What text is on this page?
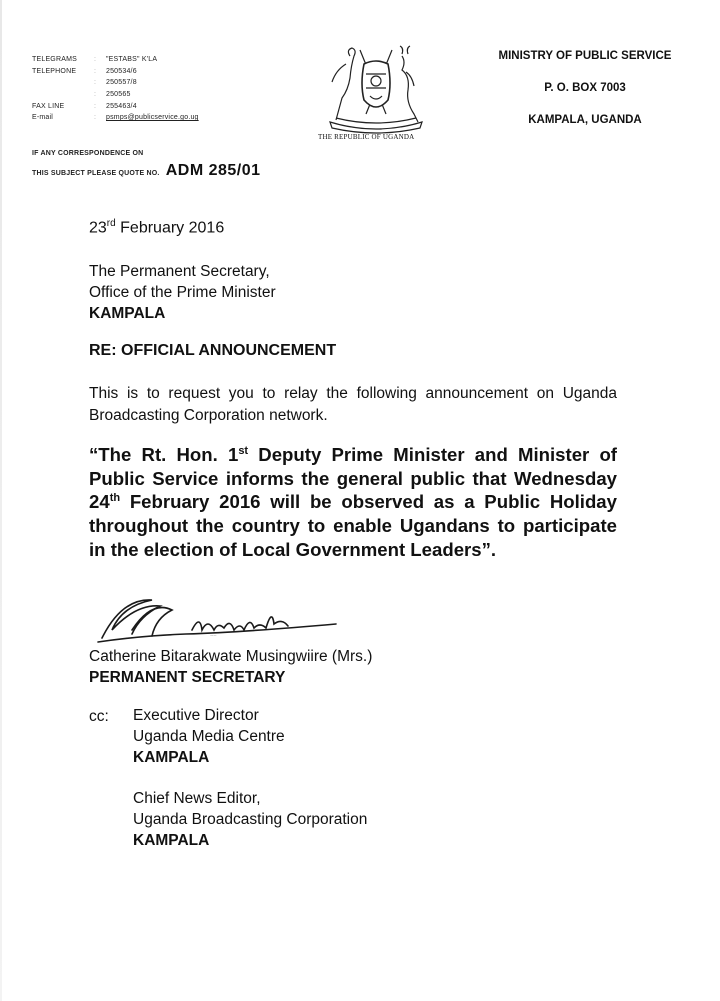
TELEGRAMS	: "ESTABS" K'LA
TELEPHONE	: 250534/6
: 250557/8
: 250565
FAX LINE	: 255463/4
E-mail	: psmps@publicservice.go.ug
IF ANY CORRESPONDENCE ON
THIS SUBJECT PLEASE QUOTE NO. ADM 285/01
THE REPUBLIC OF UGANDA
MINISTRY OF PUBLIC SERVICE
P. O. BOX 7003
KAMPALA, UGANDA
23rd February 2016
The Permanent Secretary,
Office of the Prime Minister
KAMPALA
RE: OFFICIAL ANNOUNCEMENT
This is to request you to relay the following announcement on Uganda Broadcasting Corporation network.
“The Rt. Hon. 1st Deputy Prime Minister and Minister of Public Service informs the general public that Wednesday 24th February 2016 will be observed as a Public Holiday throughout the country to enable Ugandans to participate in the election of Local Government Leaders”.
B.taraKwate
Catherine Bitarakwate Musingwiire (Mrs.)
PERMANENT SECRETARY
cc: Executive Director
Uganda Media Centre
KAMPALA
Chief News Editor,
Uganda Broadcasting Corporation
KAMPALA
